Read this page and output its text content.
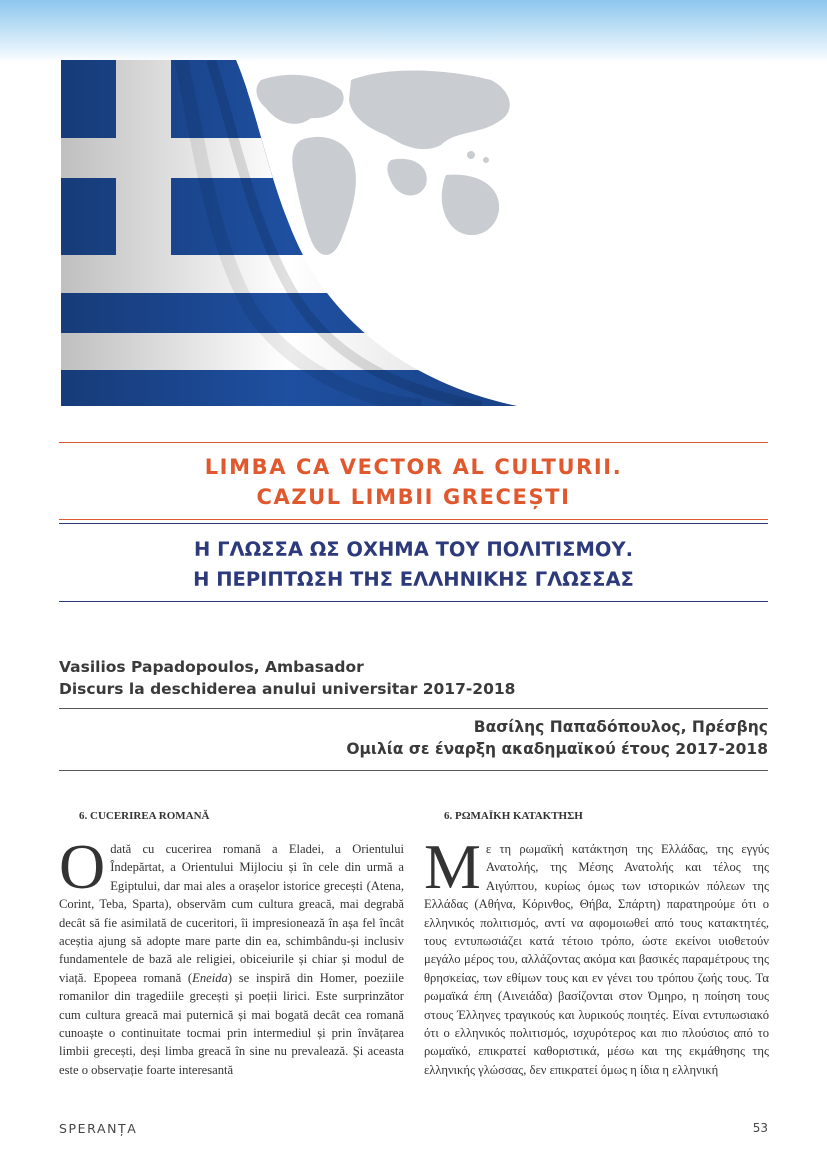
LIMBA CA VECTOR AL CULTURII.
CAZUL LIMBII GRECEȘTI
Η ΓΛΩΣΣΑ ΩΣ ΟΧΗΜΑ ΤΟΥ ΠΟΛΙΤΙΣΜΟΥ.
Η ΠΕΡΙΠΤΩΣΗ ΤΗΣ ΕΛΛΗΝΙΚΗΣ ΓΛΩΣΣΑΣ
Vasilios Papadopoulos, Ambasador
Discurs la deschiderea anului universitar 2017-2018
Βασίλης Παπαδόπουλος, Πρέσβης
Ομιλία σε έναρξη ακαδημαϊκού έτους 2017-2018
6. CUCERIREA ROMANĂ

Odată cu cucerirea romană a Eladei, a Orientului Îndepărtat, a Orientului Mijlociu și în cele din urmă a Egiptului, dar mai ales a orașelor istorice grecești (Atena, Corint, Teba, Sparta), observăm cum cultura greacă, mai degrabă decât să fie asimilată de cuceritori, îi impresionează în așa fel încât aceștia ajung să adopte mare parte din ea, schimbându-și inclusiv fundamentele de bază ale religiei, obiceiurile și chiar și modul de viață. Epopeea romană (Eneida) se inspiră din Homer, poeziile romanilor din tragediile grecești și poeții lirici. Este surprinzător cum cultura greacă mai puternică și mai bogată decât cea romană cunoaște o continuitate tocmai prin intermediul și prin învățarea limbii grecești, deși limba greacă în sine nu prevalează. Și aceasta este o observație foarte interesantă

6. ΡΩΜΑΪΚΗ ΚΑΤΑΚΤΗΣΗ

Με τη ρωμαϊκή κατάκτηση της Ελλάδας, της εγγύς Ανατολής, της Μέσης Ανατολής και τέλος της Αιγύπτου, κυρίως όμως των ιστορικών πόλεων της Ελλάδας (Αθήνα, Κόρινθος, Θήβα, Σπάρτη) παρατηρούμε ότι ο ελληνικός πολιτισμός, αντί να αφομοιωθεί από τους κατακτητές, τους εντυπωσιάζει κατά τέτοιο τρόπο, ώστε εκείνοι υιοθετούν μεγάλο μέρος του, αλλάζοντας ακόμα και βασικές παραμέτρους της θρησκείας, των εθίμων τους και εν γένει του τρόπου ζωής τους. Τα ρωμαϊκά έπη (Αινειάδα) βασίζονται στον Όμηρο, η ποίηση τους στους Έλληνες τραγικούς και λυρικούς ποιητές. Είναι εντυπωσιακό ότι ο ελληνικός πολιτισμός, ισχυρότερος και πιο πλούσιος από το ρωμαϊκό, επικρατεί καθοριστικά, μέσω και της εκμάθησης της ελληνικής γλώσσας, δεν επικρατεί όμως η ίδια η ελληνική

SPERANȚA	53
